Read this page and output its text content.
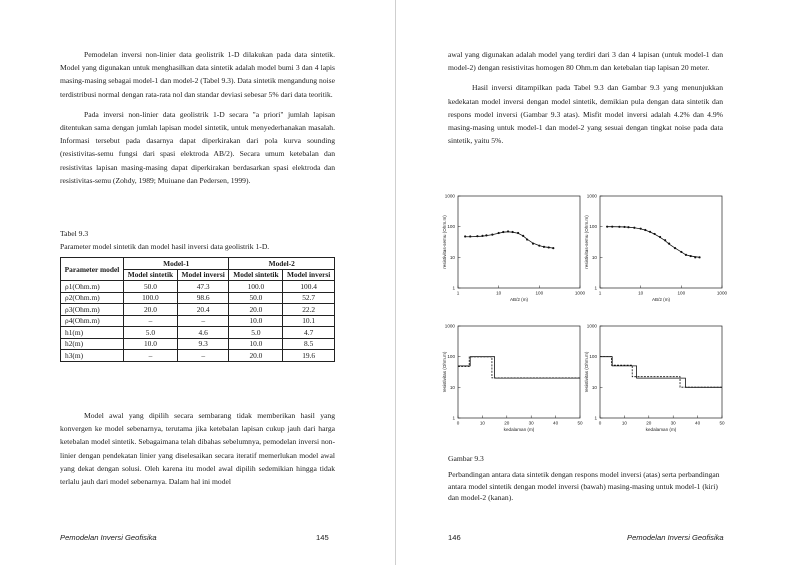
Pemodelan inversi non-linier data geolistrik 1-D dilakukan pada data sintetik. Model yang digunakan untuk menghasilkan data sintetik adalah model bumi 3 dan 4 lapis masing-masing sebagai model-1 dan model-2 (Tabel 9.3). Data sintetik mengandung noise terdistribusi normal dengan rata-rata nol dan standar deviasi sebesar 5% dari data teoritik.

Pada inversi non-linier data geolistrik 1-D secara "a priori" jumlah lapisan ditentukan sama dengan jumlah lapisan model sintetik, untuk menyederhanakan masalah. Informasi tersebut pada dasarnya dapat diperkirakan dari pola kurva sounding (resistivitas-semu fungsi dari spasi elektroda AB/2). Secara umum ketebalan dan resistivitas lapisan masing-masing dapat diperkirakan berdasarkan spasi elektroda dan resistivitas-semu (Zohdy, 1989; Muiuane dan Pedersen, 1999).

Tabel 9.3
Parameter model sintetik dan model hasil inversi data geolistrik 1-D.
Parameter model	Model-1		Model-2	
	Model sintetik	Model inversi	Model sintetik	Model inversi
ρ1(Ohm.m)	50.0	47.3	100.0	100.4
ρ2(Ohm.m)	100.0	98.6	50.0	52.7
ρ3(Ohm.m)	20.0	20.4	20.0	22.2
ρ4(Ohm.m)	–	–	10.0	10.1
h1(m)	5.0	4.6	5.0	4.7
h2(m)	10.0	9.3	10.0	8.5
h3(m)	–	–	20.0	19.6

Model awal yang dipilih secara sembarang tidak memberikan hasil yang konvergen ke model sebenarnya, terutama jika ketebalan lapisan cukup jauh dari harga ketebalan model sintetik. Sebagaimana telah dibahas sebelumnya, pemodelan inversi non-linier dengan pendekatan linier yang diselesaikan secara iteratif memerlukan model awal yang dekat dengan solusi. Oleh karena itu model awal dipilih sedemikian hingga tidak terlalu jauh dari model sebenarnya. Dalam hal ini model

Pemodelan Inversi Geofisika	145

awal yang digunakan adalah model yang terdiri dari 3 dan 4 lapisan (untuk model-1 dan model-2) dengan resistivitas homogen 80 Ohm.m dan ketebalan tiap lapisan 20 meter.

Hasil inversi ditampilkan pada Tabel 9.3 dan Gambar 9.3 yang menunjukkan kedekatan model inversi dengan model sintetik, demikian pula dengan data sintetik dan respons model inversi (Gambar 9.3 atas). Misfit model inversi adalah 4.2% dan 4.9% masing-masing untuk model-1 dan model-2 yang sesuai dengan tingkat noise pada data sintetik, yaitu 5%.

1
10
100
1000
1	10	100	1000
AB/2 (m)
resistivitas-semu (Ohm.m)
1
10
100
1000
1	10	100	1000
AB/2 (m)
resistivitas-semu (Ohm.m)
1
10
100
1000
0	10	20	30	40	50
kedalaman (m)
resistivitas (Ohm.m)
1
10
100
1000
0	10	20	30	40	50
kedalaman (m)
resistivitas (Ohm.m)
Gambar 9.3
Perbandingan antara data sintetik dengan respons model inversi (atas) serta perbandingan antara model sintetik dengan model inversi (bawah) masing-masing untuk model-1 (kiri) dan model-2 (kanan).
146	Pemodelan Inversi Geofisika
